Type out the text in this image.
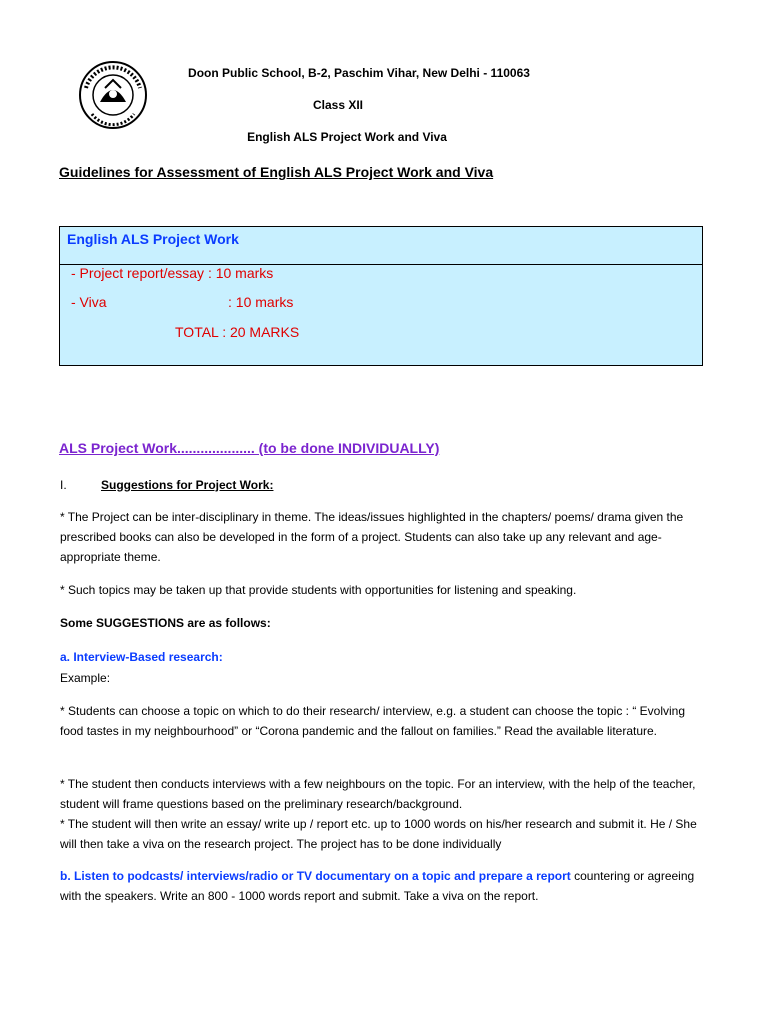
Doon Public School, B-2, Paschim Vihar, New Delhi - 110063
Class XII
English ALS Project Work and Viva
Guidelines for Assessment of English ALS Project Work and Viva
English ALS Project Work
- Project report/essay : 10 marks
- Viva	: 10 marks
TOTAL : 20 MARKS
ALS Project Work.................... (to be done INDIVIDUALLY)
I.	Suggestions for Project Work:
* The Project can be inter-disciplinary in theme. The ideas/issues highlighted in the chapters/ poems/ drama given the prescribed books can also be developed in the form of a project. Students can also take up any relevant and age-appropriate theme.
* Such topics may be taken up that provide students with opportunities for listening and speaking.
Some SUGGESTIONS are as follows:
a. Interview-Based research:
Example:
* Students can choose a topic on which to do their research/ interview, e.g. a student can choose the topic : “ Evolving food tastes in my neighbourhood” or “Corona pandemic and the fallout on families.” Read the available literature.
* The student then conducts interviews with a few neighbours on the topic. For an interview, with the help of the teacher, student will frame questions based on the preliminary research/background.
* The student will then write an essay/ write up / report etc. up to 1000 words on his/her research and submit it. He / She will then take a viva on the research project. The project has to be done individually
b. Listen to podcasts/ interviews/radio or TV documentary on a topic and prepare a report countering or agreeing with the speakers. Write an 800 - 1000 words report and submit. Take a viva on the report.
